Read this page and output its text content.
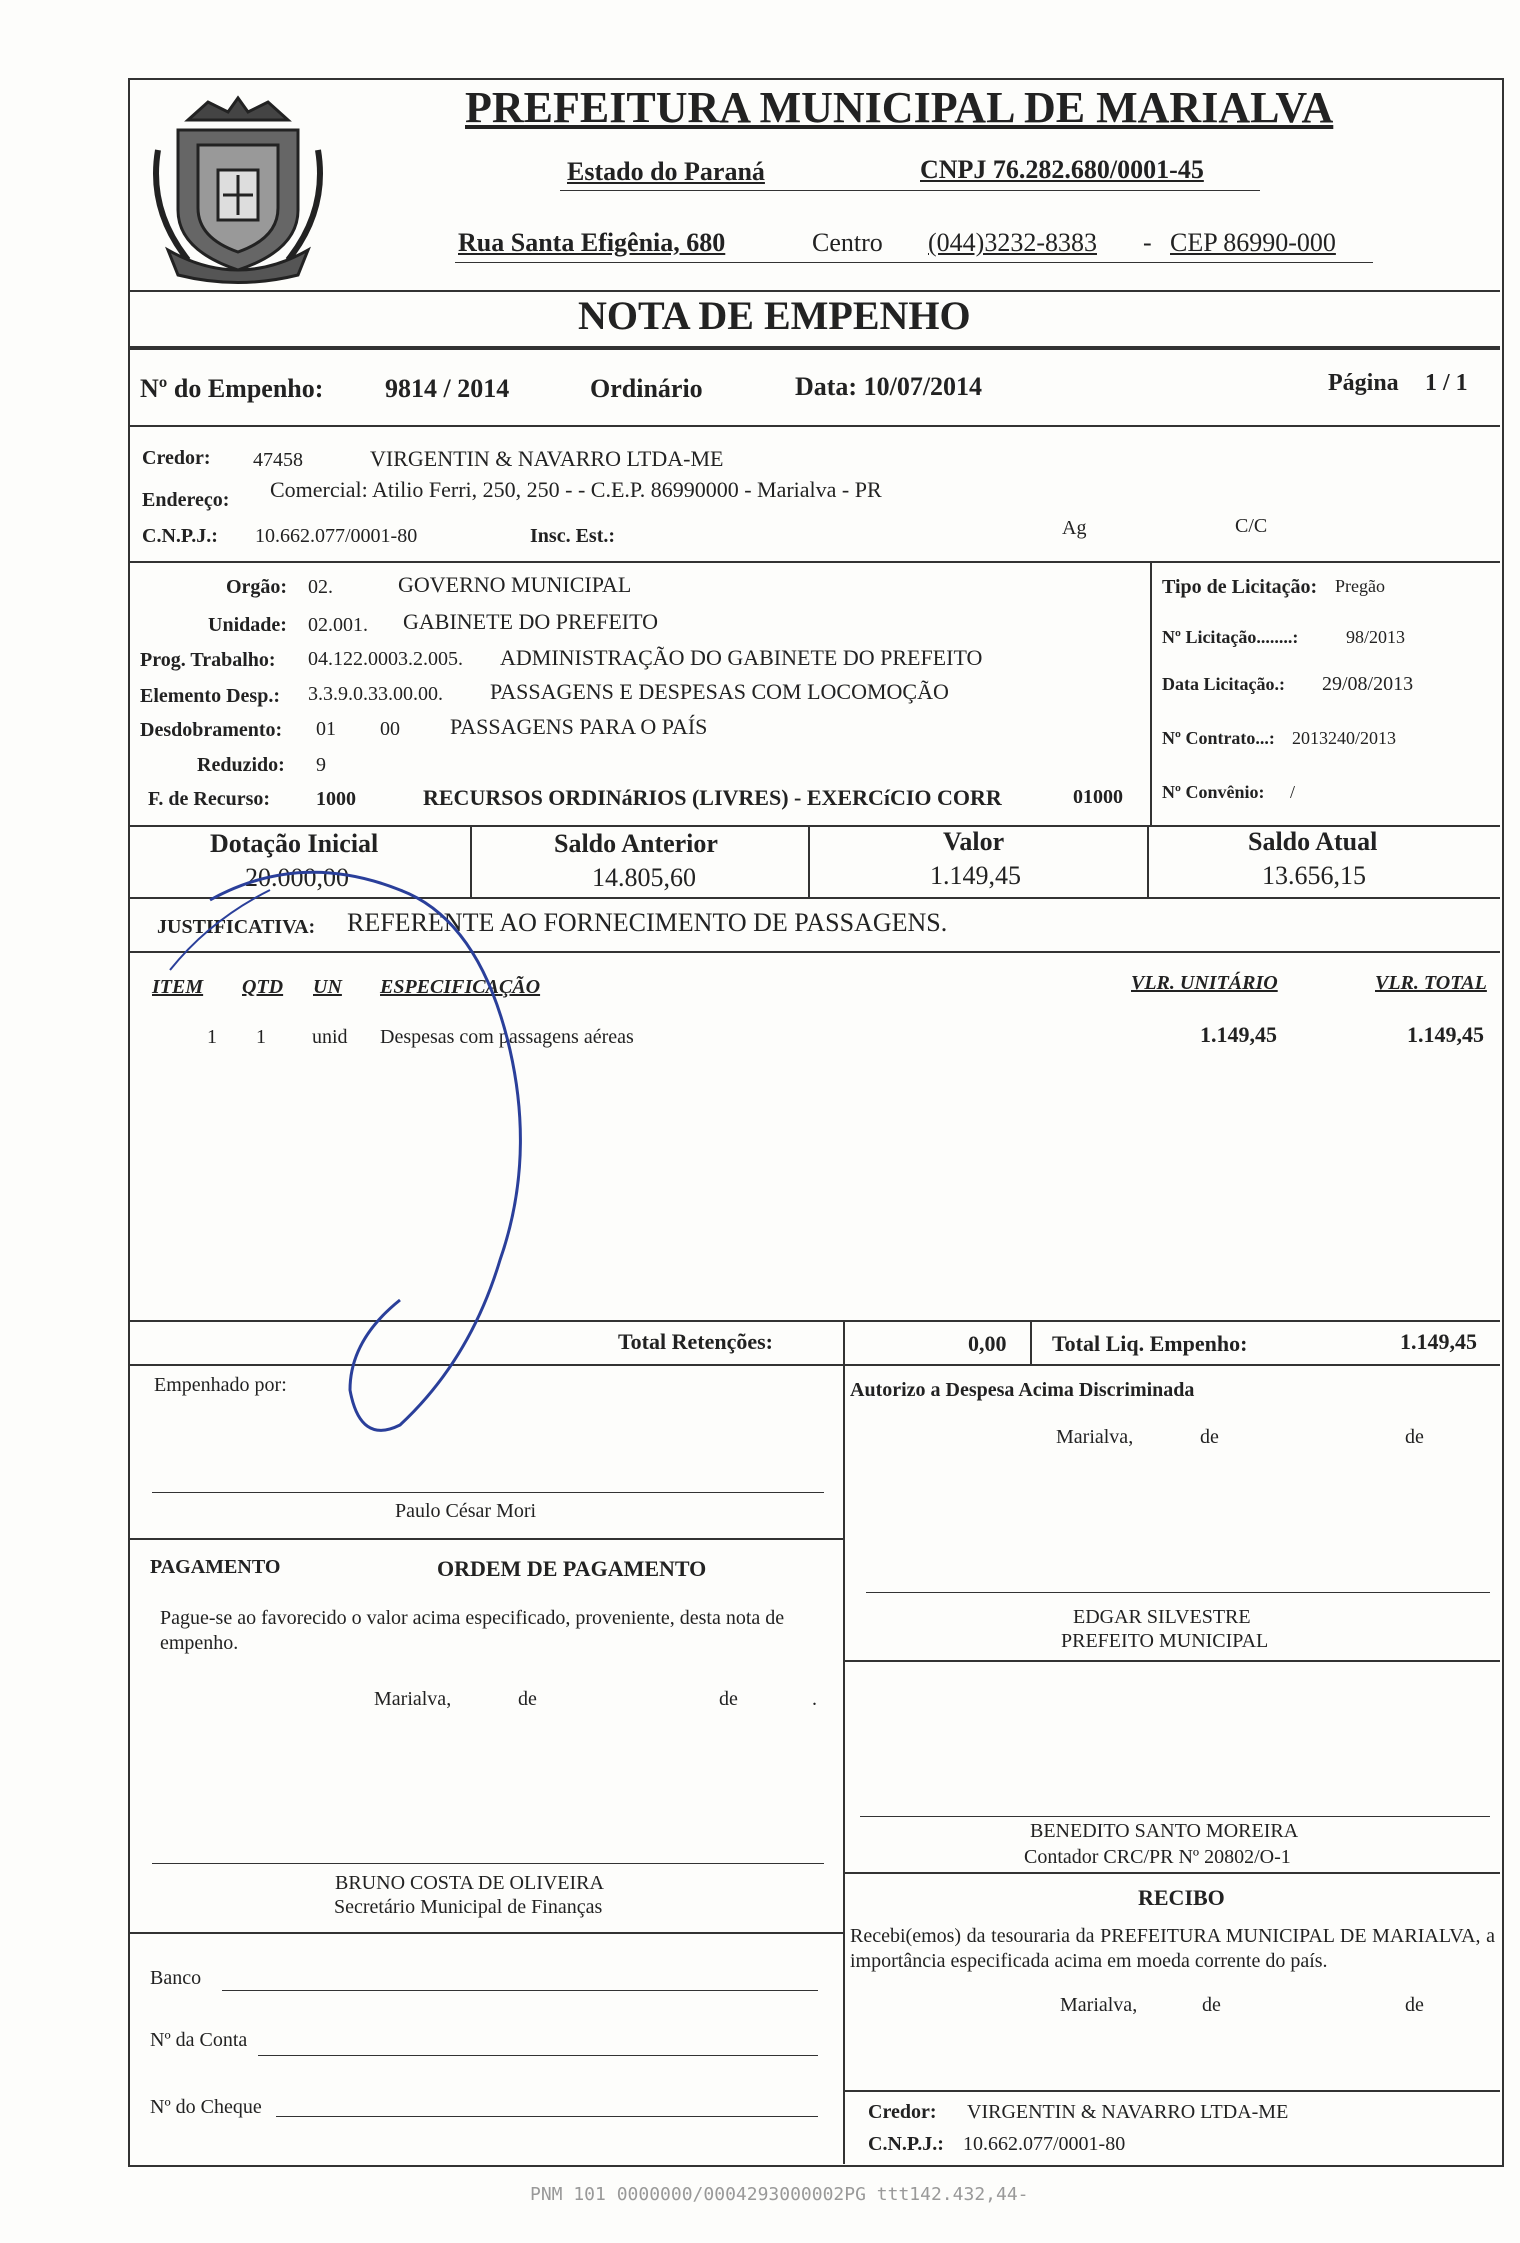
PREFEITURA MUNICIPAL DE MARIALVA
Estado do Paraná	CNPJ 76.282.680/0001-45
Rua Santa Efigênia, 680	Centro (044)3232-8383 - CEP 86990-000
NOTA DE EMPENHO
Nº do Empenho: 9814 / 2014	Ordinário	Data: 10/07/2014	Página 1 / 1
Credor: 47458	VIRGENTIN & NAVARRO LTDA-ME
Endereço: Comercial: Atilio Ferri, 250, 250 - - C.E.P. 86990000 - Marialva - PR
C.N.P.J.: 10.662.077/0001-80	Insc. Est.:	Ag	C/C
Orgão: 02.	GOVERNO MUNICIPAL
Unidade: 02.001. GABINETE DO PREFEITO
Prog. Trabalho: 04.122.0003.2.005. ADMINISTRAÇÃO DO GABINETE DO PREFEITO
Elemento Desp.: 3.3.9.0.33.00.00. PASSAGENS E DESPESAS COM LOCOMOÇÃO
Desdobramento: 01 00 PASSAGENS PARA O PAÍS
Reduzido: 9
F. de Recurso: 1000	RECURSOS ORDINáRIOS (LIVRES) - EXERCíCIO CORR	01000
Tipo de Licitação: Pregão
Nº Licitação........:	98/2013
Data Licitação.: 29/08/2013
Nº Contrato...: 2013240/2013
Nº Convênio: /
Dotação Inicial
20.000,00
Saldo Anterior
14.805,60
Valor
1.149,45
Saldo Atual
13.656,15
JUSTIFICATIVA: REFERENTE AO FORNECIMENTO DE PASSAGENS.
ITEM QTD UN ESPECIFICAÇÃO	VLR. UNITÁRIO	VLR. TOTAL
1 1 unid Despesas com passagens aéreas	1.149,45	1.149,45
Total Retenções:	0,00 Total Liq. Empenho:	1.149,45
Empenhado por:
Paulo César Mori
Autorizo a Despesa Acima Discriminada
Marialva,	de	de
EDGAR SILVESTRE
PREFEITO MUNICIPAL
PAGAMENTO	ORDEM DE PAGAMENTO
Pague-se ao favorecido o valor acima especificado, proveniente, desta nota de empenho.
Marialva,	de	de	.
BRUNO COSTA DE OLIVEIRA
Secretário Municipal de Finanças
BENEDITO SANTO MOREIRA
Contador CRC/PR Nº 20802/O-1
RECIBO
Recebi(emos) da tesouraria da PREFEITURA MUNICIPAL DE MARIALVA, a importância especificada acima em moeda corrente do país.
Marialva,	de	de
Credor: VIRGENTIN & NAVARRO LTDA-ME
C.N.P.J.: 10.662.077/0001-80
Banco
Nº da Conta
Nº do Cheque
PNM 101 0000000/0004293000002PG ttt142.432,44-
